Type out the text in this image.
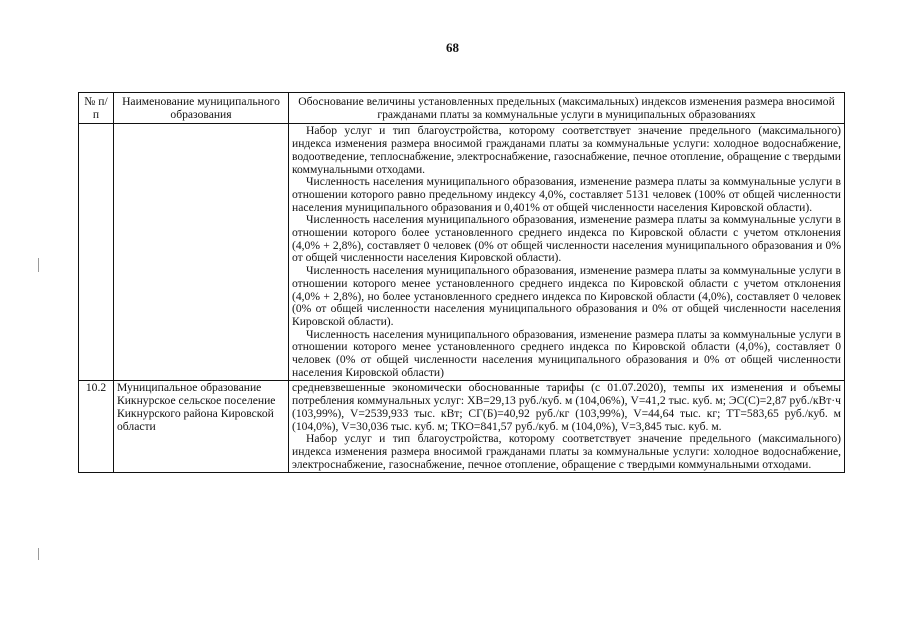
68
№ п/п	Наименование муниципального образования	Обоснование величины установленных предельных (максимальных) индексов изменения размера вносимой гражданами платы за коммунальные услуги в муниципальных образованиях

		Набор услуг и тип благоустройства, которому соответствует значение предельного (максимального) индекса изменения размера вносимой гражданами платы за коммунальные услуги: холодное водоснабжение, водоотведение, теплоснабжение, электроснабжение, газоснабжение, печное отопление, обращение с твердыми коммунальными отходами.
Численность населения муниципального образования, изменение размера платы за коммунальные услуги в отношении которого равно предельному индексу 4,0%, составляет 5131 человек (100% от общей численности населения муниципального образования и 0,401% от общей численности населения Кировской области).
Численность населения муниципального образования, изменение размера платы за коммунальные услуги в отношении которого более установленного среднего индекса по Кировской области с учетом отклонения (4,0% + 2,8%), составляет 0 человек (0% от общей численности населения муниципального образования и 0% от общей численности населения Кировской области).
Численность населения муниципального образования, изменение размера платы за коммунальные услуги в отношении которого менее установленного среднего индекса по Кировской области с учетом отклонения (4,0% + 2,8%), но более установленного среднего индекса по Кировской области (4,0%), составляет 0 человек (0% от общей численности населения муниципального образования и 0% от общей численности населения Кировской области).
Численность населения муниципального образования, изменение размера платы за коммунальные услуги в отношении которого менее установленного среднего индекса по Кировской области (4,0%), составляет 0 человек (0% от общей численности населения муниципального образования и 0% от общей численности населения Кировской области)

10.2	Муниципальное образование Кикнурское сельское поселение Кикнурского района Кировской области	средневзвешенные экономически обоснованные тарифы (с 01.07.2020), темпы их изменения и объемы потребления коммунальных услуг: ХВ=29,13 руб./куб. м (104,06%), V=41,2 тыс. куб. м; ЭС(С)=2,87 руб./кВт·ч (103,99%), V=2539,933 тыс. кВт; СГ(Б)=40,92 руб./кг (103,99%), V=44,64 тыс. кг; ТТ=583,65 руб./куб. м (104,0%), V=30,036 тыс. куб. м; ТКО=841,57 руб./куб. м (104,0%), V=3,845 тыс. куб. м.
Набор услуг и тип благоустройства, которому соответствует значение предельного (максимального) индекса изменения размера вносимой гражданами платы за коммунальные услуги: холодное водоснабжение, электроснабжение, газоснабжение, печное отопление, обращение с твердыми коммунальными отходами.
